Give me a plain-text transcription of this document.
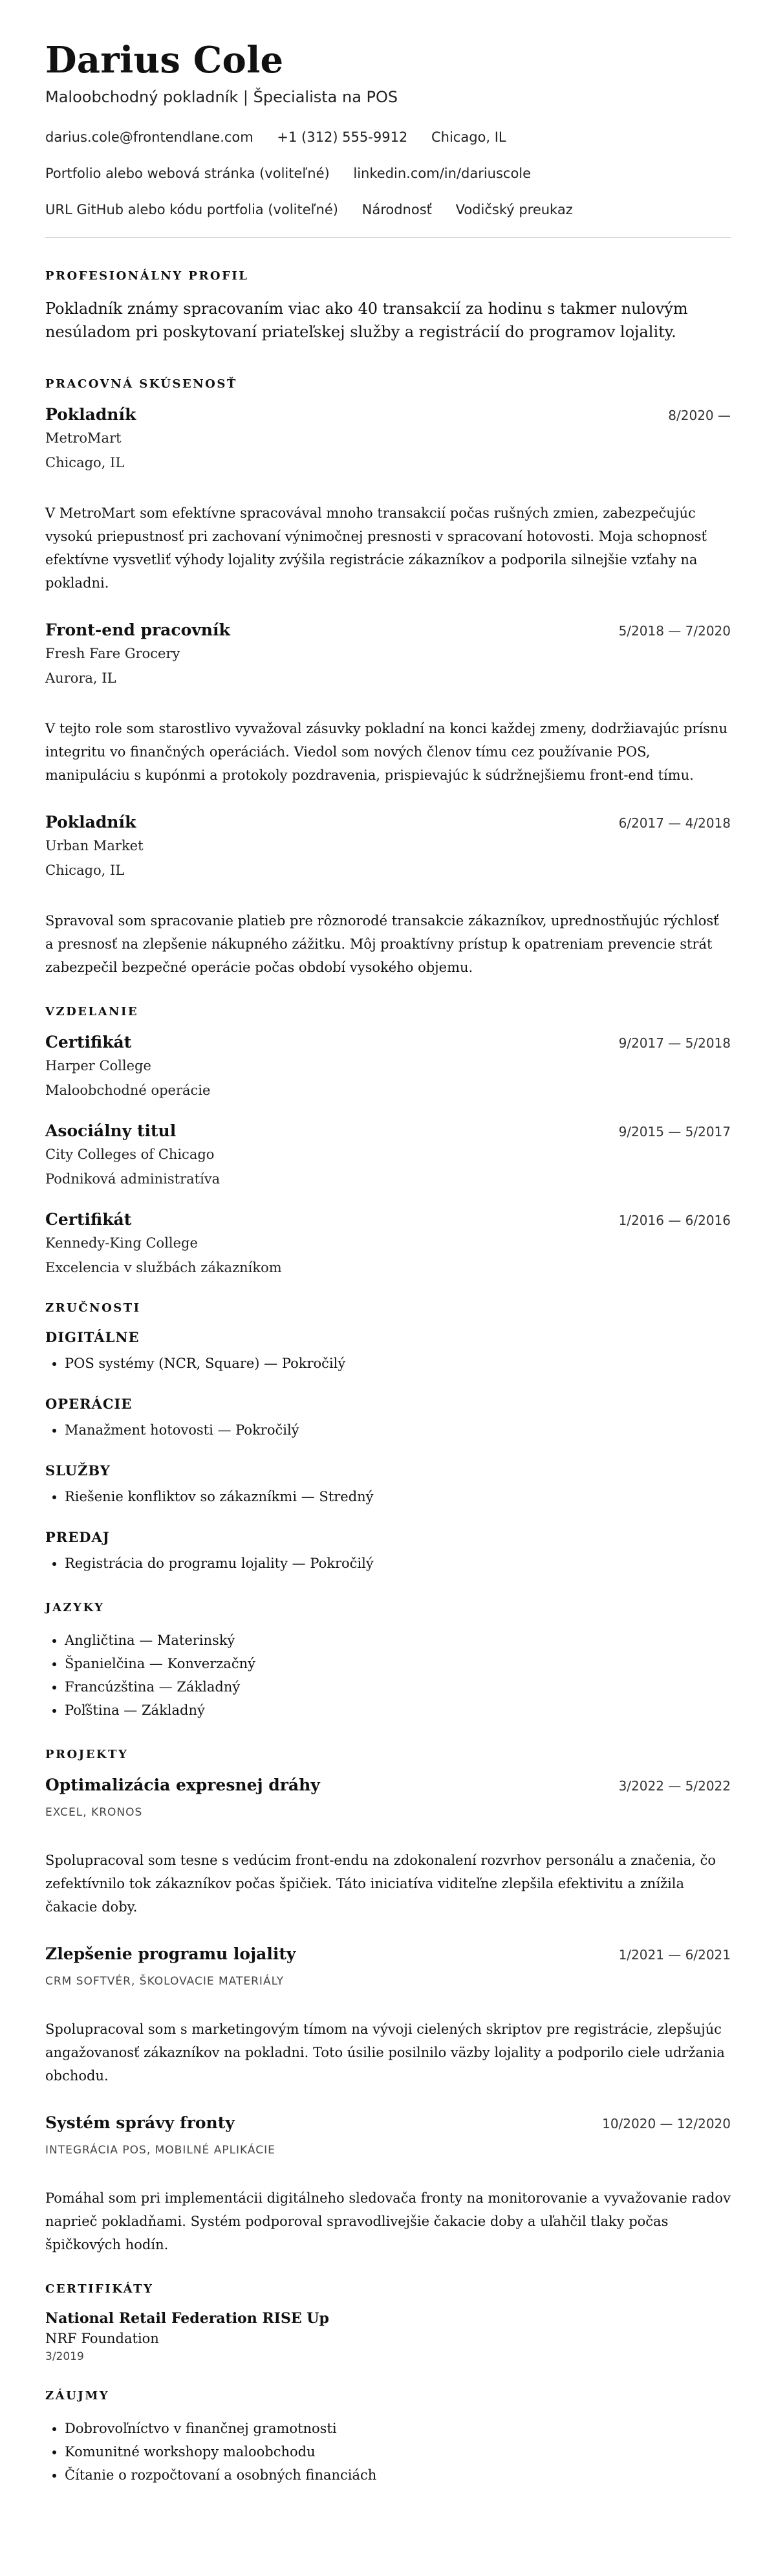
Darius Cole
Maloobchodný pokladník | Špecialista na POS
darius.cole@frontendlane.com +1 (312) 555-9912 Chicago, IL
Portfolio alebo webová stránka (voliteľné) linkedin.com/in/dariuscole
URL GitHub alebo kódu portfolia (voliteľné) Národnosť Vodičský preukaz
PROFESIONÁLNY PROFIL
Pokladník známy spracovaním viac ako 40 transakcií za hodinu s takmer nulovým nesúladom pri poskytovaní priateľskej služby a registrácií do programov lojality.
PRACOVNÁ SKÚSENOSŤ
Pokladník	8/2020 —
MetroMart
Chicago, IL
V MetroMart som efektívne spracovával mnoho transakcií počas rušných zmien, zabezpečujúc vysokú priepustnosť pri zachovaní výnimočnej presnosti v spracovaní hotovosti. Moja schopnosť efektívne vysvetliť výhody lojality zvýšila registrácie zákazníkov a podporila silnejšie vzťahy na pokladni.
Front-end pracovník	5/2018 — 7/2020
Fresh Fare Grocery
Aurora, IL
V tejto role som starostlivo vyvažoval zásuvky pokladní na konci každej zmeny, dodržiavajúc prísnu integritu vo finančných operáciách. Viedol som nových členov tímu cez používanie POS, manipuláciu s kupónmi a protokoly pozdravenia, prispievajúc k súdržnejšiemu front-end tímu.
Pokladník	6/2017 — 4/2018
Urban Market
Chicago, IL
Spravoval som spracovanie platieb pre rôznorodé transakcie zákazníkov, uprednostňujúc rýchlosť a presnosť na zlepšenie nákupného zážitku. Môj proaktívny prístup k opatreniam prevencie strát zabezpečil bezpečné operácie počas období vysokého objemu.
VZDELANIE
Certifikát	9/2017 — 5/2018
Harper College
Maloobchodné operácie
Asociálny titul	9/2015 — 5/2017
City Colleges of Chicago
Podniková administratíva
Certifikát	1/2016 — 6/2016
Kennedy-King College
Excelencia v službách zákazníkom
ZRUČNOSTI
DIGITÁLNE
• POS systémy (NCR, Square) — Pokročilý
OPERÁCIE
• Manažment hotovosti — Pokročilý
SLUŽBY
• Riešenie konfliktov so zákazníkmi — Stredný
PREDAJ
• Registrácia do programu lojality — Pokročilý
JAZYKY
• Angličtina — Materinský
• Španielčina — Konverzačný
• Francúzština — Základný
• Poľština — Základný
PROJEKTY
Optimalizácia expresnej dráhy	3/2022 — 5/2022
EXCEL, KRONOS
Spolupracoval som tesne s vedúcim front-endu na zdokonalení rozvrhov personálu a značenia, čo zefektívnilo tok zákazníkov počas špičiek. Táto iniciatíva viditeľne zlepšila efektivitu a znížila čakacie doby.
Zlepšenie programu lojality	1/2021 — 6/2021
CRM SOFTVÉR, ŠKOLOVACIE MATERIÁLY
Spolupracoval som s marketingovým tímom na vývoji cielených skriptov pre registrácie, zlepšujúc angažovanosť zákazníkov na pokladni. Toto úsilie posilnilo väzby lojality a podporilo ciele udržania obchodu.
Systém správy fronty	10/2020 — 12/2020
INTEGRÁCIA POS, MOBILNÉ APLIKÁCIE
Pomáhal som pri implementácii digitálneho sledovača fronty na monitorovanie a vyvažovanie radov naprieč pokladňami. Systém podporoval spravodlivejšie čakacie doby a uľahčil tlaky počas špičkových hodín.
CERTIFIKÁTY
National Retail Federation RISE Up
NRF Foundation
3/2019
ZÁUJMY
• Dobrovoľníctvo v finančnej gramotnosti
• Komunitné workshopy maloobchodu
• Čítanie o rozpočtovaní a osobných financiách
